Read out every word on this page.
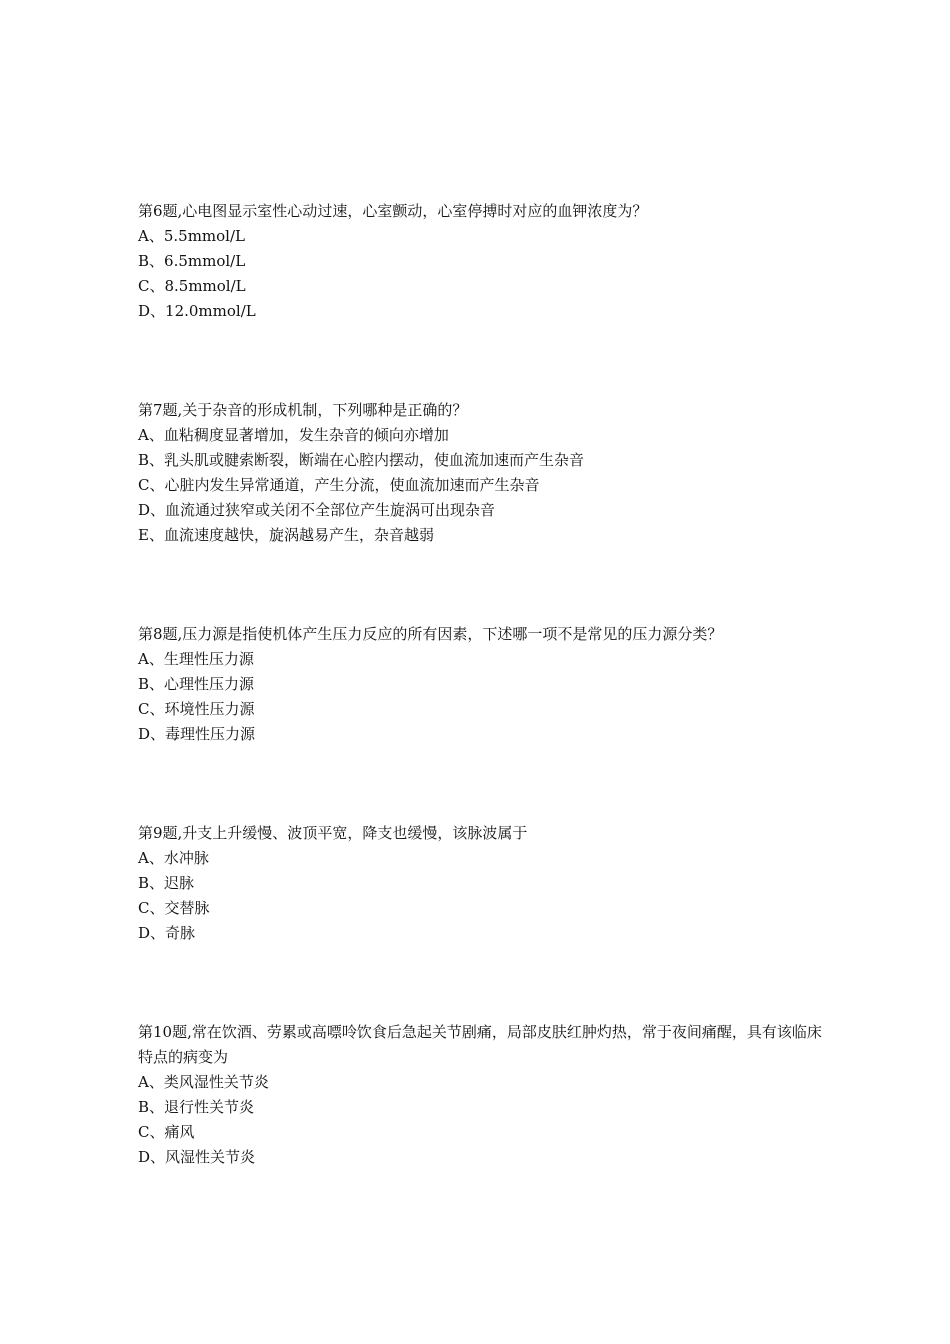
第6题,心电图显示室性心动过速，心室颤动，心室停搏时对应的血钾浓度为？

A、5.5mmol/L

B、6.5mmol/L

C、8.5mmol/L

D、12.0mmol/L

第7题,关于杂音的形成机制，下列哪种是正确的？

A、血粘稠度显著增加，发生杂音的倾向亦增加

B、乳头肌或腱索断裂，断端在心腔内摆动，使血流加速而产生杂音

C、心脏内发生异常通道，产生分流，使血流加速而产生杂音

D、血流通过狭窄或关闭不全部位产生旋涡可出现杂音

E、血流速度越快，旋涡越易产生，杂音越弱

第8题,压力源是指使机体产生压力反应的所有因素，下述哪一项不是常见的压力源分类？

A、生理性压力源

B、心理性压力源

C、环境性压力源

D、毒理性压力源

第9题,升支上升缓慢、波顶平宽，降支也缓慢，该脉波属于

A、水冲脉

B、迟脉

C、交替脉

D、奇脉

第10题,常在饮酒、劳累或高嘌呤饮食后急起关节剧痛，局部皮肤红肿灼热，常于夜间痛醒，具有该临床特点的病变为

A、类风湿性关节炎

B、退行性关节炎

C、痛风

D、风湿性关节炎
